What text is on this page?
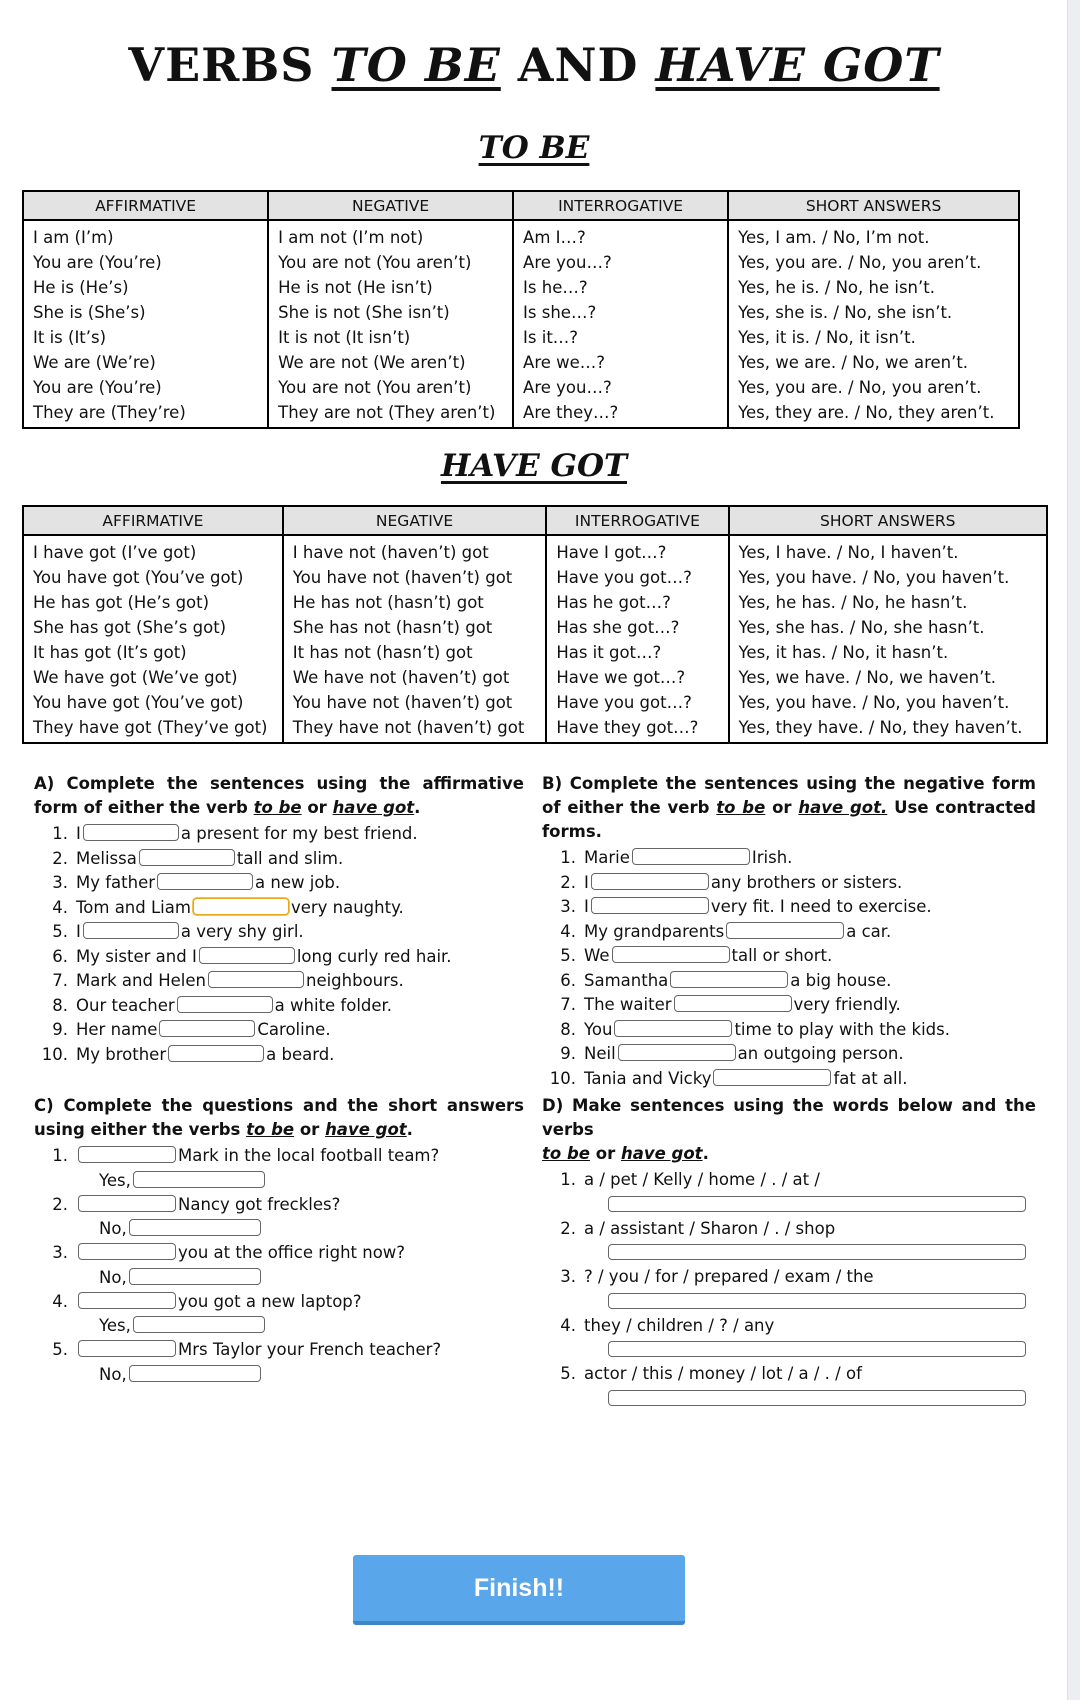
VERBS TO BE AND HAVE GOT
TO BE
AFFIRMATIVE	NEGATIVE	INTERROGATIVE	SHORT ANSWERS
I am (I’m)	I am not (I’m not)	Am I…?	Yes, I am. / No, I’m not.
You are (You’re)	You are not (You aren’t)	Are you…?	Yes, you are. / No, you aren’t.
He is (He’s)	He is not (He isn’t)	Is he…?	Yes, he is. / No, he isn’t.
She is (She’s)	She is not (She isn’t)	Is she…?	Yes, she is. / No, she isn’t.
It is (It’s)	It is not (It isn’t)	Is it…?	Yes, it is. / No, it isn’t.
We are (We’re)	We are not (We aren’t)	Are we…?	Yes, we are. / No, we aren’t.
You are (You’re)	You are not (You aren’t)	Are you…?	Yes, you are. / No, you aren’t.
They are (They’re)	They are not (They aren’t)	Are they…?	Yes, they are. / No, they aren’t.
HAVE GOT
AFFIRMATIVE	NEGATIVE	INTERROGATIVE	SHORT ANSWERS
I have got (I’ve got)	I have not (haven’t) got	Have I got…?	Yes, I have. / No, I haven’t.
You have got (You’ve got)	You have not (haven’t) got	Have you got…?	Yes, you have. / No, you haven’t.
He has got (He’s got)	He has not (hasn’t) got	Has he got…?	Yes, he has. / No, he hasn’t.
She has got (She’s got)	She has not (hasn’t) got	Has she got…?	Yes, she has. / No, she hasn’t.
It has got (It’s got)	It has not (hasn’t) got	Has it got…?	Yes, it has. / No, it hasn’t.
We have got (We’ve got)	We have not (haven’t) got	Have we got…?	Yes, we have. / No, we haven’t.
You have got (You’ve got)	You have not (haven’t) got	Have you got…?	Yes, you have. / No, you haven’t.
They have got (They’ve got)	They have not (haven’t) got	Have they got…?	Yes, they have. / No, they haven’t.
A) Complete the sentences using the affirmative form of either the verb to be or have got.
1. I	a present for my best friend.
2. Melissa	tall and slim.
3. My father	a new job.
4. Tom and Liam	very naughty.
5. I	a very shy girl.
6. My sister and I	long curly red hair.
7. Mark and Helen	neighbours.
8. Our teacher	a white folder.
9. Her name	Caroline.
10. My brother	a beard.
B) Complete the sentences using the negative form of either the verb to be or have got. Use contracted forms.
1. Marie	Irish.
2. I	any brothers or sisters.
3. I	very fit. I need to exercise.
4. My grandparents	a car.
5. We	tall or short.
6. Samantha	a big house.
7. The waiter	very friendly.
8. You	time to play with the kids.
9. Neil	an outgoing person.
10. Tania and Vicky	fat at all.
C) Complete the questions and the short answers using either the verbs to be or have got.
1.	Mark in the local football team?
Yes,
2.	Nancy got freckles?
No,
3.	you at the office right now?
No,
4.	you got a new laptop?
Yes,
5.	Mrs Taylor your French teacher?
No,
D) Make sentences using the words below and the verbs
to be or have got.
1. a / pet / Kelly / home / . / at /
2. a / assistant / Sharon / . / shop
3. ? / you / for / prepared / exam / the
4. they / children / ? / any
5. actor / this / money / lot / a / . / of
Finish!!
